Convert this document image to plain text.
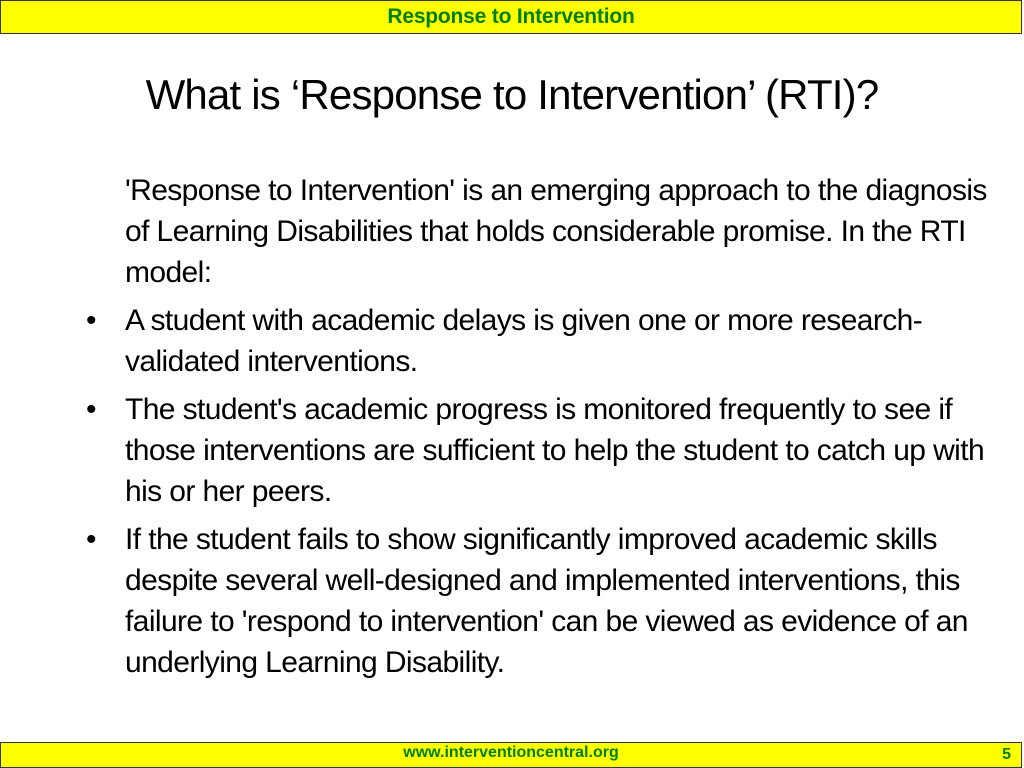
Response to Intervention
What is ‘Response to Intervention’ (RTI)?

'Response to Intervention' is an emerging approach to the diagnosis of Learning Disabilities that holds considerable promise. In the RTI model:

• A student with academic delays is given one or more research-validated interventions.
• The student's academic progress is monitored frequently to see if those interventions are sufficient to help the student to catch up with his or her peers.
• If the student fails to show significantly improved academic skills despite several well-designed and implemented interventions, this failure to 'respond to intervention' can be viewed as evidence of an underlying Learning Disability.
www.interventioncentral.org	5
